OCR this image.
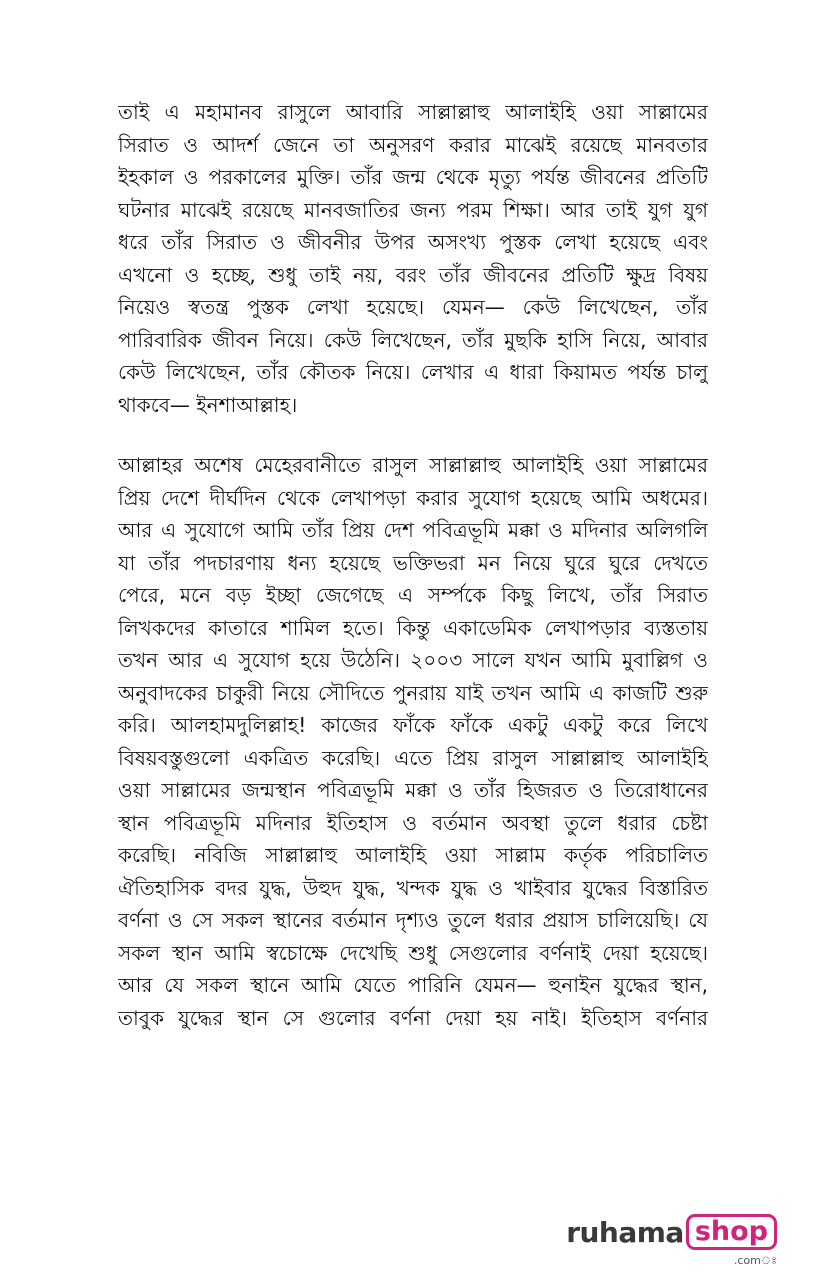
তাই এ মহামানব রাসুলে আবারি সাল্লাল্লাহু আলাইহি ওয়া সাল্লামের
সিরাত ও আদর্শ জেনে তা অনুসরণ করার মাঝেই রয়েছে মানবতার
ইহকাল ও পরকালের মুক্তি। তাঁর জন্ম থেকে মৃত্যু পর্যন্ত জীবনের প্রতিটি
ঘটনার মাঝেই রয়েছে মানবজাতির জন্য পরম শিক্ষা। আর তাই যুগ যুগ
ধরে তাঁর সিরাত ও জীবনীর উপর অসংখ্য পুস্তক লেখা হয়েছে এবং
এখনো ও হচ্ছে, শুধু তাই নয়, বরং তাঁর জীবনের প্রতিটি ক্ষুদ্র বিষয়
নিয়েও স্বতন্ত্র পুস্তক লেখা হয়েছে। যেমন— কেউ লিখেছেন, তাঁর
পারিবারিক জীবন নিয়ে। কেউ লিখেছেন, তাঁর মুছকি হাসি নিয়ে, আবার
কেউ লিখেছেন, তাঁর কৌতক নিয়ে। লেখার এ ধারা কিয়ামত পর্যন্ত চালু
থাকবে— ইনশাআল্লাহ।
আল্লাহর অশেষ মেহেরবানীতে রাসুল সাল্লাল্লাহু আলাইহি ওয়া সাল্লামের
প্রিয় দেশে দীর্ঘদিন থেকে লেখাপড়া করার সুযোগ হয়েছে আমি অধমের।
আর এ সুযোগে আমি তাঁর প্রিয় দেশ পবিত্রভূমি মক্কা ও মদিনার অলিগলি
যা তাঁর পদচারণায় ধন্য হয়েছে ভক্তিভরা মন নিয়ে ঘুরে ঘুরে দেখতে
পেরে, মনে বড় ইচ্ছা জেগেছে এ সর্ম্পকে কিছু লিখে, তাঁর সিরাত
লিখকদের কাতারে শামিল হতে। কিন্তু একাডেমিক লেখাপড়ার ব্যস্ততায়
তখন আর এ সুযোগ হয়ে উঠেনি। ২০০৩ সালে যখন আমি মুবাল্লিগ ও
অনুবাদকের চাকুরী নিয়ে সৌদিতে পুনরায় যাই তখন আমি এ কাজটি শুরু
করি। আলহামদুলিল্লাহ! কাজের ফাঁকে ফাঁকে একটু একটু করে লিখে
বিষয়বস্তুগুলো একত্রিত করেছি। এতে প্রিয় রাসুল সাল্লাল্লাহু আলাইহি
ওয়া সাল্লামের জন্মস্থান পবিত্রভূমি মক্কা ও তাঁর হিজরত ও তিরোধানের
স্থান পবিত্রভূমি মদিনার ইতিহাস ও বর্তমান অবস্থা তুলে ধরার চেষ্টা
করেছি। নবিজি সাল্লাল্লাহু আলাইহি ওয়া সাল্লাম কর্তৃক পরিচালিত
ঐতিহাসিক বদর যুদ্ধ, উহুদ যুদ্ধ, খন্দক যুদ্ধ ও খাইবার যুদ্ধের বিস্তারিত
বর্ণনা ও সে সকল স্থানের বর্তমান দৃশ্যও তুলে ধরার প্রয়াস চালিয়েছি। যে
সকল স্থান আমি স্বচোক্ষে দেখেছি শুধু সেগুলোর বর্ণনাই দেয়া হয়েছে।
আর যে সকল স্থানে আমি যেতে পারিনি যেমন— হুনাইন যুদ্ধের স্থান,
তাবুক যুদ্ধের স্থান সে গুলোর বর্ণনা দেয়া হয় নাই। ইতিহাস বর্ণনার
ruhama shop
.comঃ
